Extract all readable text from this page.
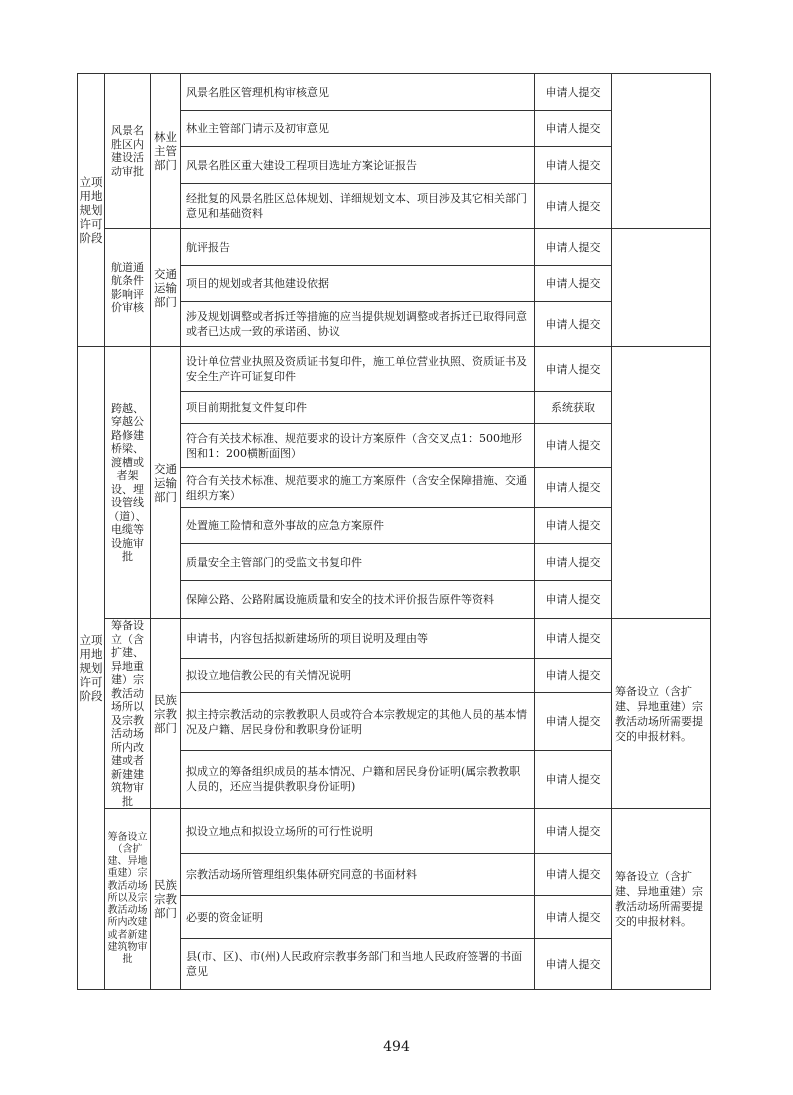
立项用地规划许可阶段	风景名胜区内建设活动审批	林业主管部门	风景名胜区管理机构审核意见	申请人提交	
			林业主管部门请示及初审意见	申请人提交	
			风景名胜区重大建设工程项目选址方案论证报告	申请人提交	
			经批复的风景名胜区总体规划、详细规划文本、项目涉及其它相关部门意见和基础资料	申请人提交	
	航道通航条件影响评价审核	交通运输部门	航评报告	申请人提交	
			项目的规划或者其他建设依据	申请人提交	
			涉及规划调整或者拆迁等措施的应当提供规划调整或者拆迁已取得同意或者已达成一致的承诺函、协议	申请人提交	
立项用地规划许可阶段	跨越、穿越公路修建桥梁、渡槽或者架设、埋设管线（道）、电缆等设施审批	交通运输部门	设计单位营业执照及资质证书复印件，施工单位营业执照、资质证书及安全生产许可证复印件	申请人提交	
			项目前期批复文件复印件	系统获取	
			符合有关技术标准、规范要求的设计方案原件（含交叉点1：500地形图和1：200横断面图）	申请人提交	
			符合有关技术标准、规范要求的施工方案原件（含安全保障措施、交通组织方案）	申请人提交	
			处置施工险情和意外事故的应急方案原件	申请人提交	
			质量安全主管部门的受监文书复印件	申请人提交	
			保障公路、公路附属设施质量和安全的技术评价报告原件等资料	申请人提交	
	筹备设立（含扩建、异地重建）宗教活动场所以及宗教活动场所内改建或者新建建筑物审批	民族宗教部门	申请书，内容包括拟新建场所的项目说明及理由等	申请人提交	筹备设立（含扩建、异地重建）宗教活动场所需要提交的申报材料。
			拟设立地信教公民的有关情况说明	申请人提交	
			拟主持宗教活动的宗教教职人员或符合本宗教规定的其他人员的基本情况及户籍、居民身份和教职身份证明	申请人提交	
			拟成立的筹备组织成员的基本情况、户籍和居民身份证明(属宗教教职人员的，还应当提供教职身份证明)	申请人提交	
	筹备设立（含扩建、异地重建）宗教活动场所以及宗教活动场所内改建或者新建建筑物审批	民族宗教部门	拟设立地点和拟设立场所的可行性说明	申请人提交	筹备设立（含扩建、异地重建）宗教活动场所需要提交的申报材料。
			宗教活动场所管理组织集体研究同意的书面材料	申请人提交	
			必要的资金证明	申请人提交	
			县(市、区)、市(州)人民政府宗教事务部门和当地人民政府签署的书面意见	申请人提交	
494
